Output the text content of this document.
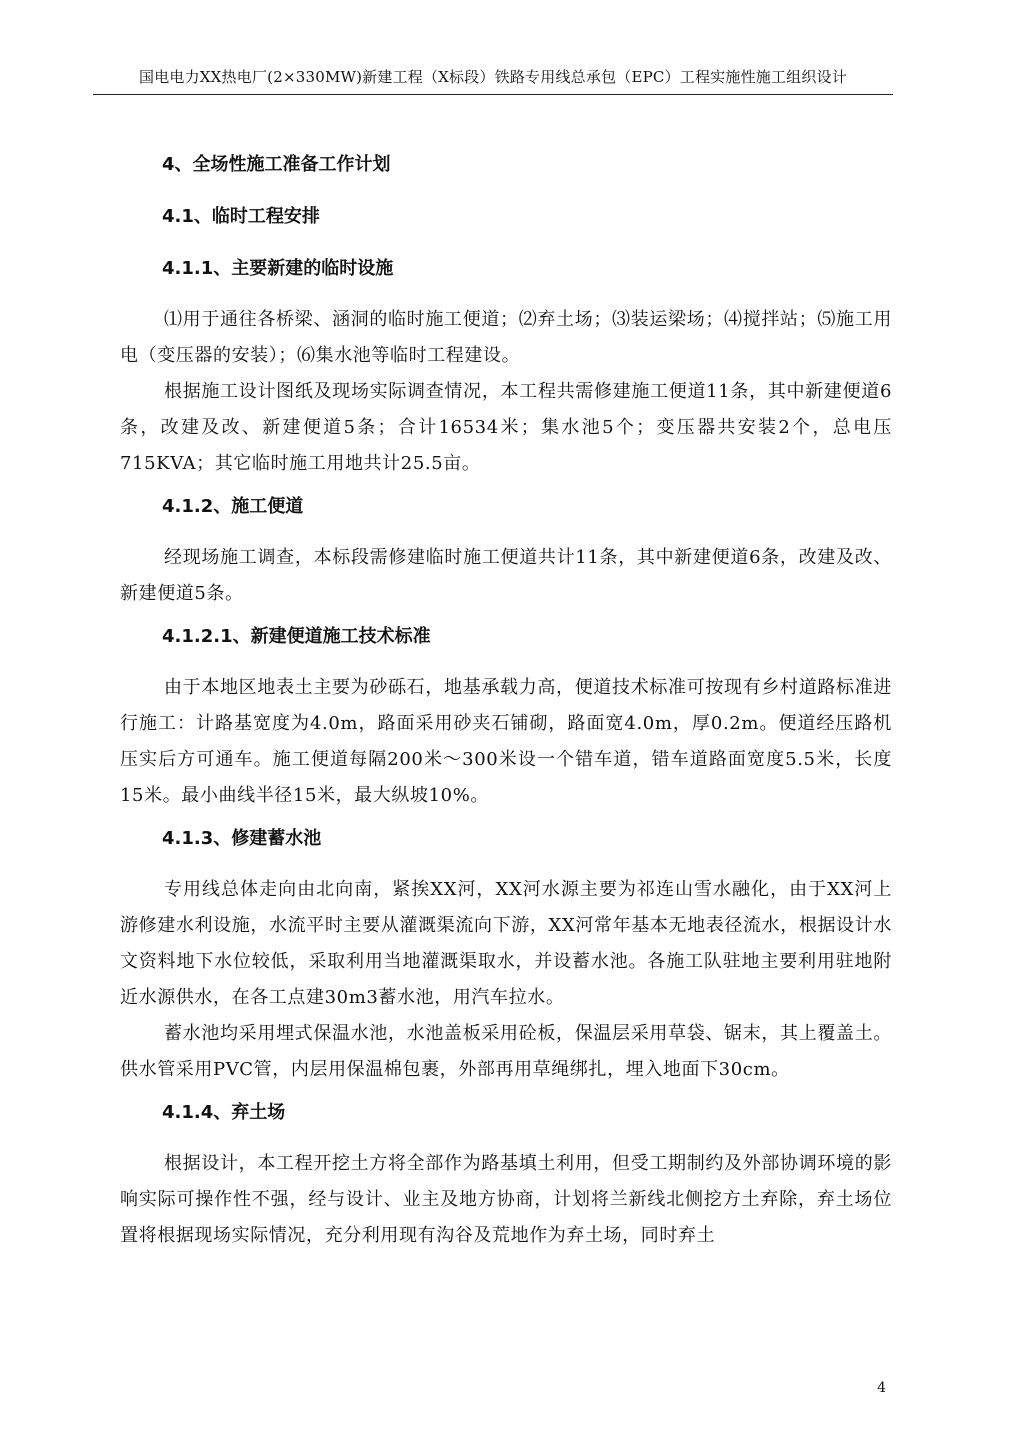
国电电力XX热电厂(2×330MW)新建工程（X标段）铁路专用线总承包（EPC）工程实施性施工组织设计
4、全场性施工准备工作计划
4.1、临时工程安排
4.1.1、主要新建的临时设施

⑴用于通往各桥梁、涵洞的临时施工便道；⑵弃土场；⑶装运梁场；⑷搅拌站；⑸施工用电（变压器的安装）；⑹集水池等临时工程建设。

根据施工设计图纸及现场实际调查情况，本工程共需修建施工便道11条，其中新建便道6条，改建及改、新建便道5条；合计16534米；集水池5个；变压器共安装2个，总电压715KVA；其它临时施工用地共计25.5亩。

4.1.2、施工便道

经现场施工调查，本标段需修建临时施工便道共计11条，其中新建便道6条，改建及改、新建便道5条。

4.1.2.1、新建便道施工技术标准

由于本地区地表土主要为砂砾石，地基承载力高，便道技术标准可按现有乡村道路标准进行施工：计路基宽度为4.0m，路面采用砂夹石铺砌，路面宽4.0m，厚0.2m。便道经压路机压实后方可通车。施工便道每隔200米～300米设一个错车道，错车道路面宽度5.5米，长度15米。最小曲线半径15米，最大纵坡10%。

4.1.3、修建蓄水池

专用线总体走向由北向南，紧挨XX河，XX河水源主要为祁连山雪水融化，由于XX河上游修建水利设施，水流平时主要从灌溉渠流向下游，XX河常年基本无地表径流水，根据设计水文资料地下水位较低，采取利用当地灌溉渠取水，并设蓄水池。各施工队驻地主要利用驻地附近水源供水，在各工点建30m3蓄水池，用汽车拉水。

蓄水池均采用埋式保温水池，水池盖板采用砼板，保温层采用草袋、锯末，其上覆盖土。供水管采用PVC管，内层用保温棉包裹，外部再用草绳绑扎，埋入地面下30cm。

4.1.4、弃土场

根据设计，本工程开挖土方将全部作为路基填土利用，但受工期制约及外部协调环境的影响实际可操作性不强，经与设计、业主及地方协商，计划将兰新线北侧挖方土弃除，弃土场位置将根据现场实际情况，充分利用现有沟谷及荒地作为弃土场，同时弃土

4
